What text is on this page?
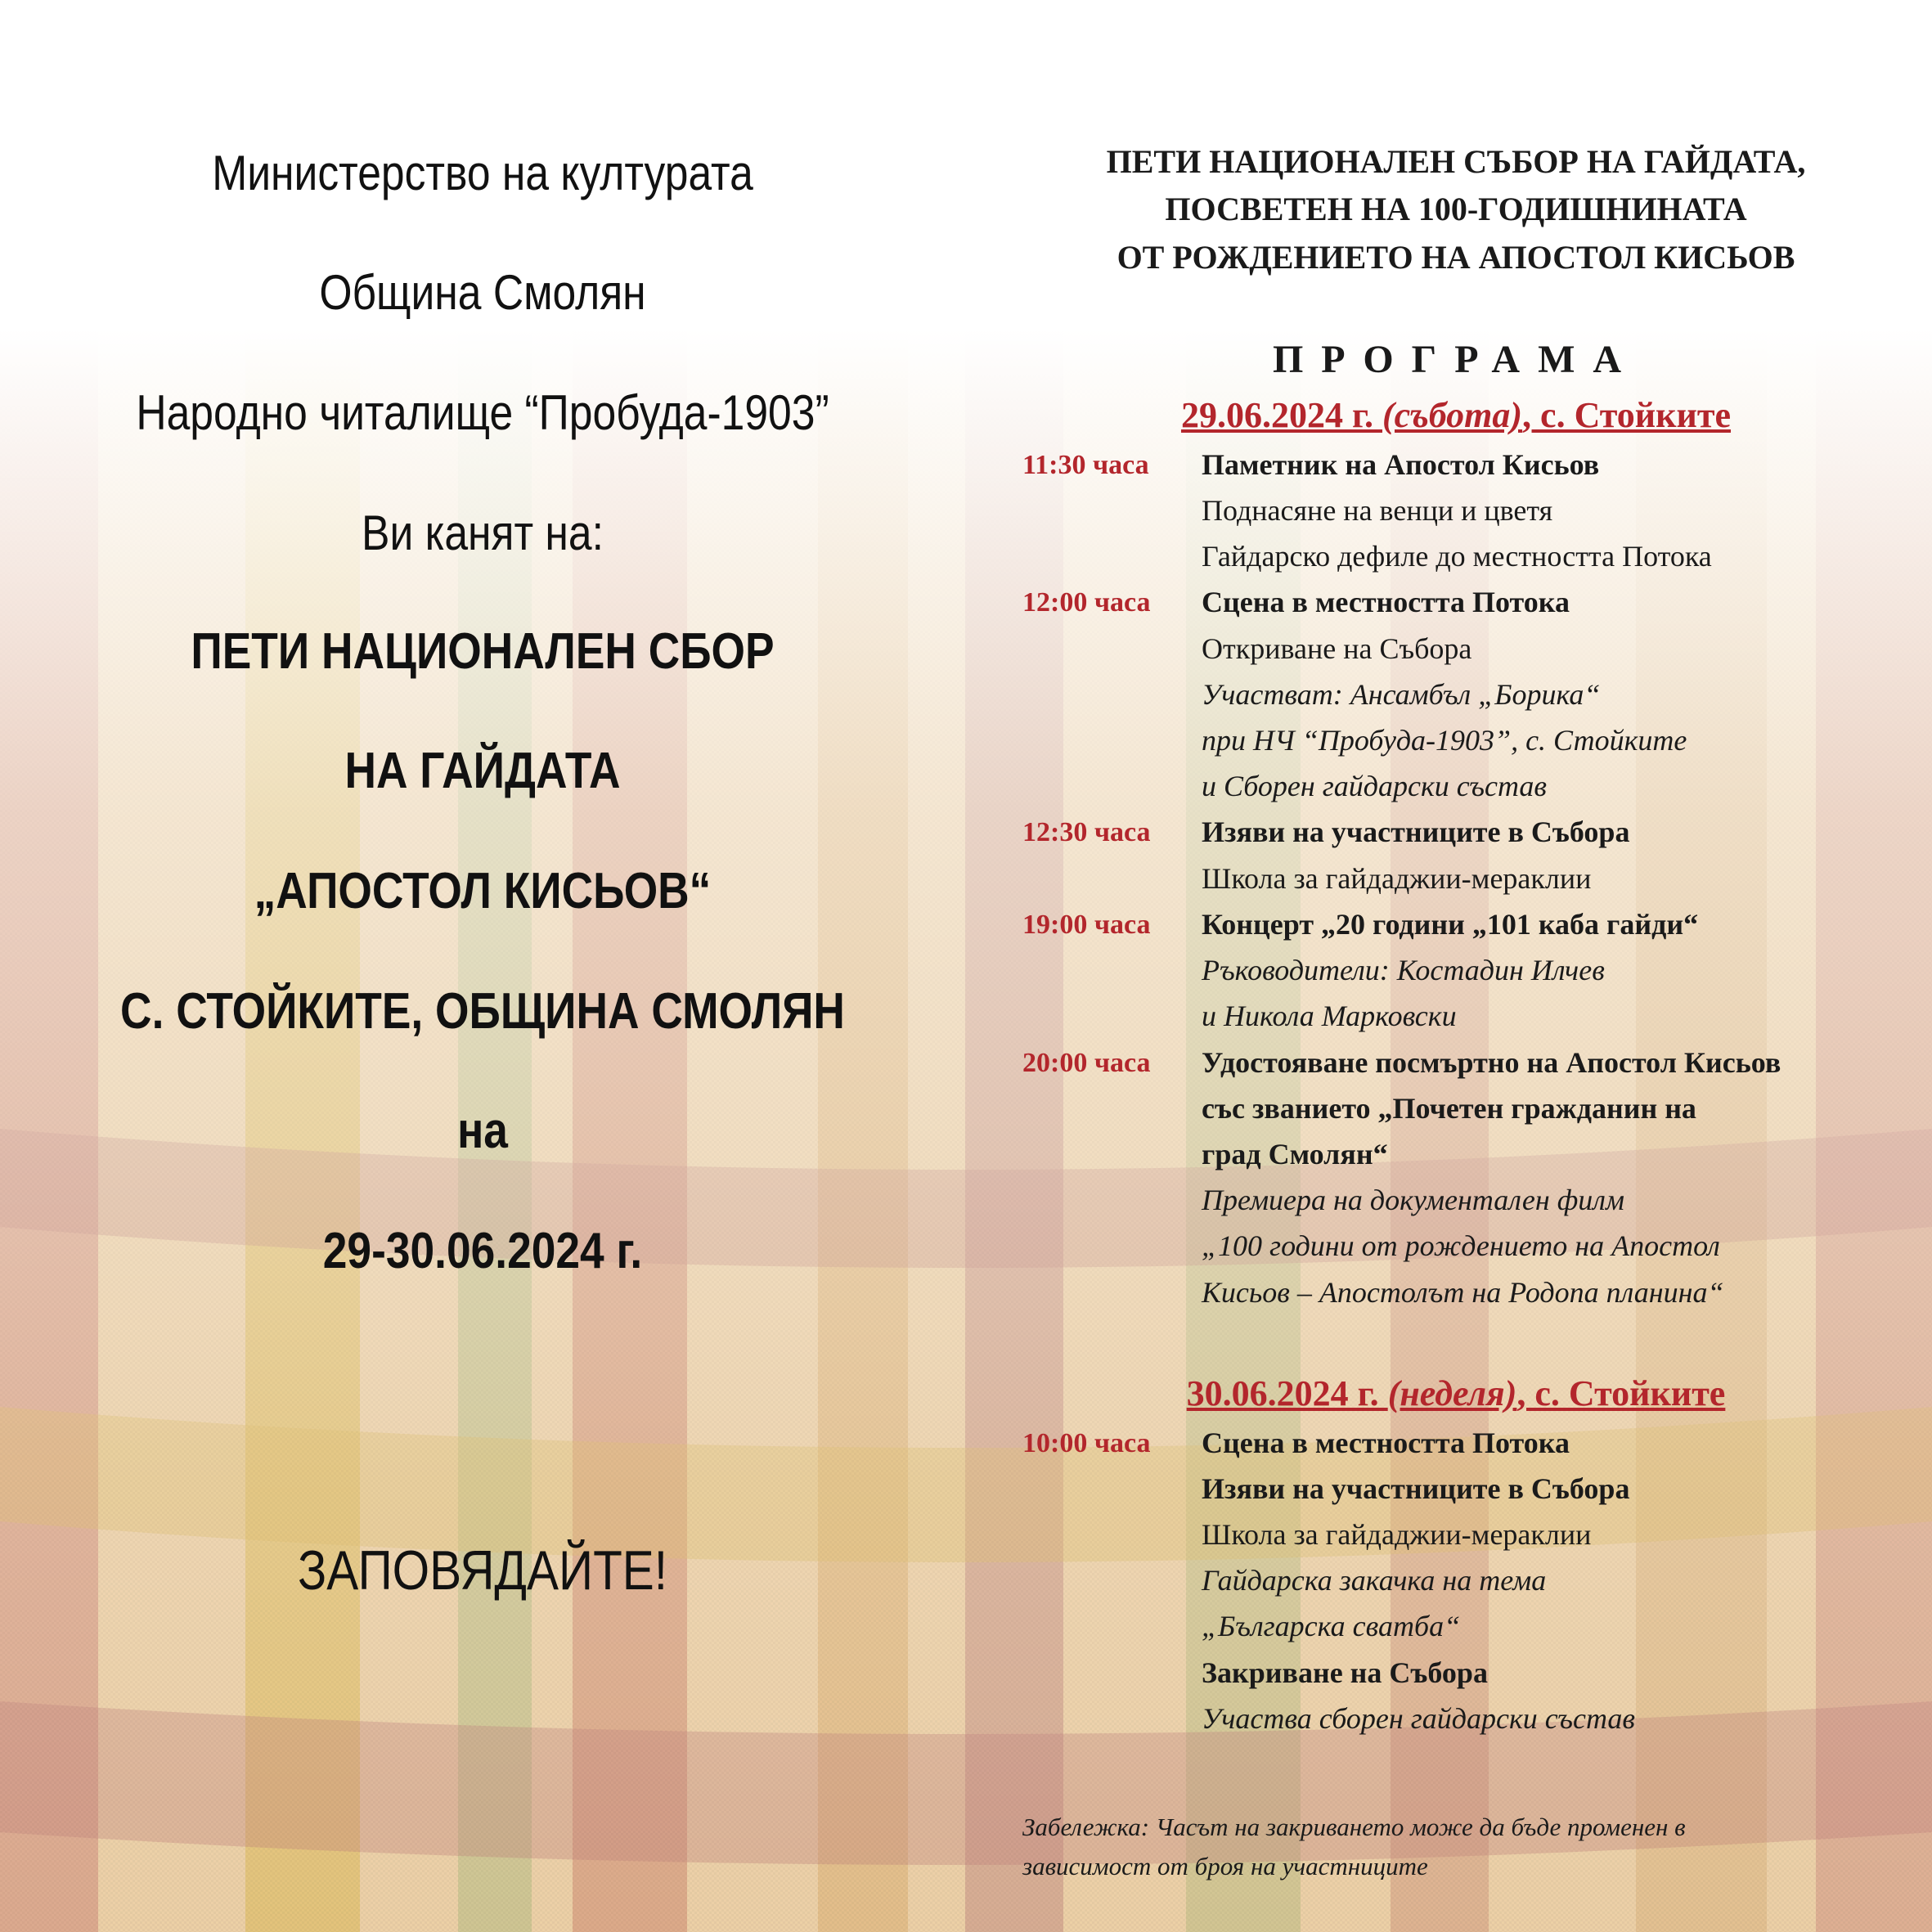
Министерство на културата
Община Смолян
Народно читалище “Пробуда-1903”
Ви канят на:
ПЕТИ НАЦИОНАЛЕН СБОР
НА ГАЙДАТА
„АПОСТОЛ КИСЬОВ“
С. СТОЙКИТЕ, ОБЩИНА СМОЛЯН
на
29-30.06.2024 г.
ЗАПОВЯДАЙТЕ!
ПЕТИ НАЦИОНАЛЕН СЪБОР НА ГАЙДАТА,
ПОСВЕТЕН НА 100-ГОДИШНИНАТА
ОТ РОЖДЕНИЕТО НА АПОСТОЛ КИСЬОВ
ПРОГРАМА
29.06.2024 г. (събота), с. Стойките
11:30 часа
12:00 часа
12:30 часа
19:00 часа
20:00 часа
Паметник на Апостол Кисьов
Поднасяне на венци и цветя
Гайдарско дефиле до местността Потока
Сцена в местността Потока
Откриване на Събора
Участват: Ансамбъл „Борика“
при НЧ “Пробуда-1903”, с. Стойките
и Сборен гайдарски състав
Изяви на участниците в Събора
Школа за гайдаджии-мераклии
Концерт „20 години „101 каба гайди“
Ръководители: Костадин Илчев
и Никола Марковски
Удостояване посмъртно на Апостол Кисьов
със званието „Почетен гражданин на
град Смолян“
Премиера на документален филм
„100 години от рождението на Апостол
Кисьов – Апостолът на Родопа планина“
30.06.2024 г. (неделя), с. Стойките
10:00 часа	Сцена в местността Потока
Изяви на участниците в Събора
Школа за гайдаджии-мераклии
Гайдарска закачка на тема
„Българска сватба“
Закриване на Събора
Участва сборен гайдарски състав
Забележка: Часът на закриването може да бъде променен в
зависимост от броя на участниците
